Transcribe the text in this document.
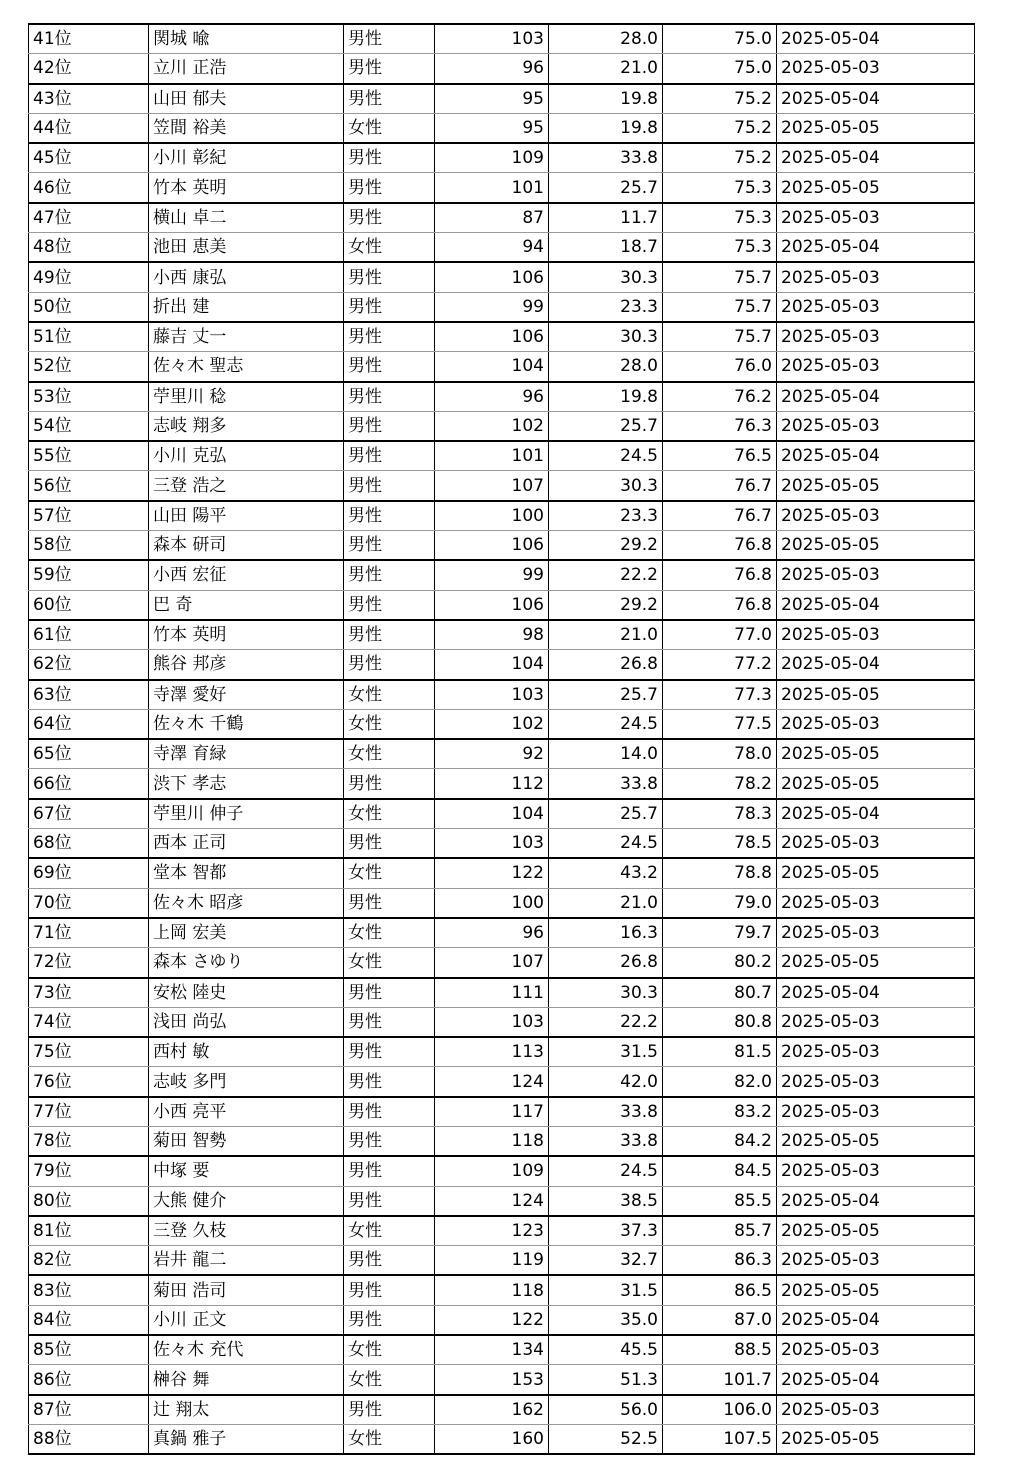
41位	関城 喩	男性	103	28.0	75.0	2025-05-04
42位	立川 正浩	男性	96	21.0	75.0	2025-05-03
43位	山田 郁夫	男性	95	19.8	75.2	2025-05-04
44位	笠間 裕美	女性	95	19.8	75.2	2025-05-05
45位	小川 彰紀	男性	109	33.8	75.2	2025-05-04
46位	竹本 英明	男性	101	25.7	75.3	2025-05-05
47位	横山 卓二	男性	87	11.7	75.3	2025-05-03
48位	池田 恵美	女性	94	18.7	75.3	2025-05-04
49位	小西 康弘	男性	106	30.3	75.7	2025-05-03
50位	折出 建	男性	99	23.3	75.7	2025-05-03
51位	藤吉 丈一	男性	106	30.3	75.7	2025-05-03
52位	佐々木 聖志	男性	104	28.0	76.0	2025-05-03
53位	苧里川 稔	男性	96	19.8	76.2	2025-05-04
54位	志岐 翔多	男性	102	25.7	76.3	2025-05-03
55位	小川 克弘	男性	101	24.5	76.5	2025-05-04
56位	三登 浩之	男性	107	30.3	76.7	2025-05-05
57位	山田 陽平	男性	100	23.3	76.7	2025-05-03
58位	森本 研司	男性	106	29.2	76.8	2025-05-05
59位	小西 宏征	男性	99	22.2	76.8	2025-05-03
60位	巴 奇	男性	106	29.2	76.8	2025-05-04
61位	竹本 英明	男性	98	21.0	77.0	2025-05-03
62位	熊谷 邦彦	男性	104	26.8	77.2	2025-05-04
63位	寺澤 愛好	女性	103	25.7	77.3	2025-05-05
64位	佐々木 千鶴	女性	102	24.5	77.5	2025-05-03
65位	寺澤 育緑	女性	92	14.0	78.0	2025-05-05
66位	渋下 孝志	男性	112	33.8	78.2	2025-05-05
67位	苧里川 伸子	女性	104	25.7	78.3	2025-05-04
68位	西本 正司	男性	103	24.5	78.5	2025-05-03
69位	堂本 智都	女性	122	43.2	78.8	2025-05-05
70位	佐々木 昭彦	男性	100	21.0	79.0	2025-05-03
71位	上岡 宏美	女性	96	16.3	79.7	2025-05-03
72位	森本 さゆり	女性	107	26.8	80.2	2025-05-05
73位	安松 陸史	男性	111	30.3	80.7	2025-05-04
74位	浅田 尚弘	男性	103	22.2	80.8	2025-05-03
75位	西村 敏	男性	113	31.5	81.5	2025-05-03
76位	志岐 多門	男性	124	42.0	82.0	2025-05-03
77位	小西 亮平	男性	117	33.8	83.2	2025-05-03
78位	菊田 智勢	男性	118	33.8	84.2	2025-05-05
79位	中塚 要	男性	109	24.5	84.5	2025-05-03
80位	大熊 健介	男性	124	38.5	85.5	2025-05-04
81位	三登 久枝	女性	123	37.3	85.7	2025-05-05
82位	岩井 龍二	男性	119	32.7	86.3	2025-05-03
83位	菊田 浩司	男性	118	31.5	86.5	2025-05-05
84位	小川 正文	男性	122	35.0	87.0	2025-05-04
85位	佐々木 充代	女性	134	45.5	88.5	2025-05-03
86位	榊谷 舞	女性	153	51.3	101.7	2025-05-04
87位	辻 翔太	男性	162	56.0	106.0	2025-05-03
88位	真鍋 雅子	女性	160	52.5	107.5	2025-05-05
